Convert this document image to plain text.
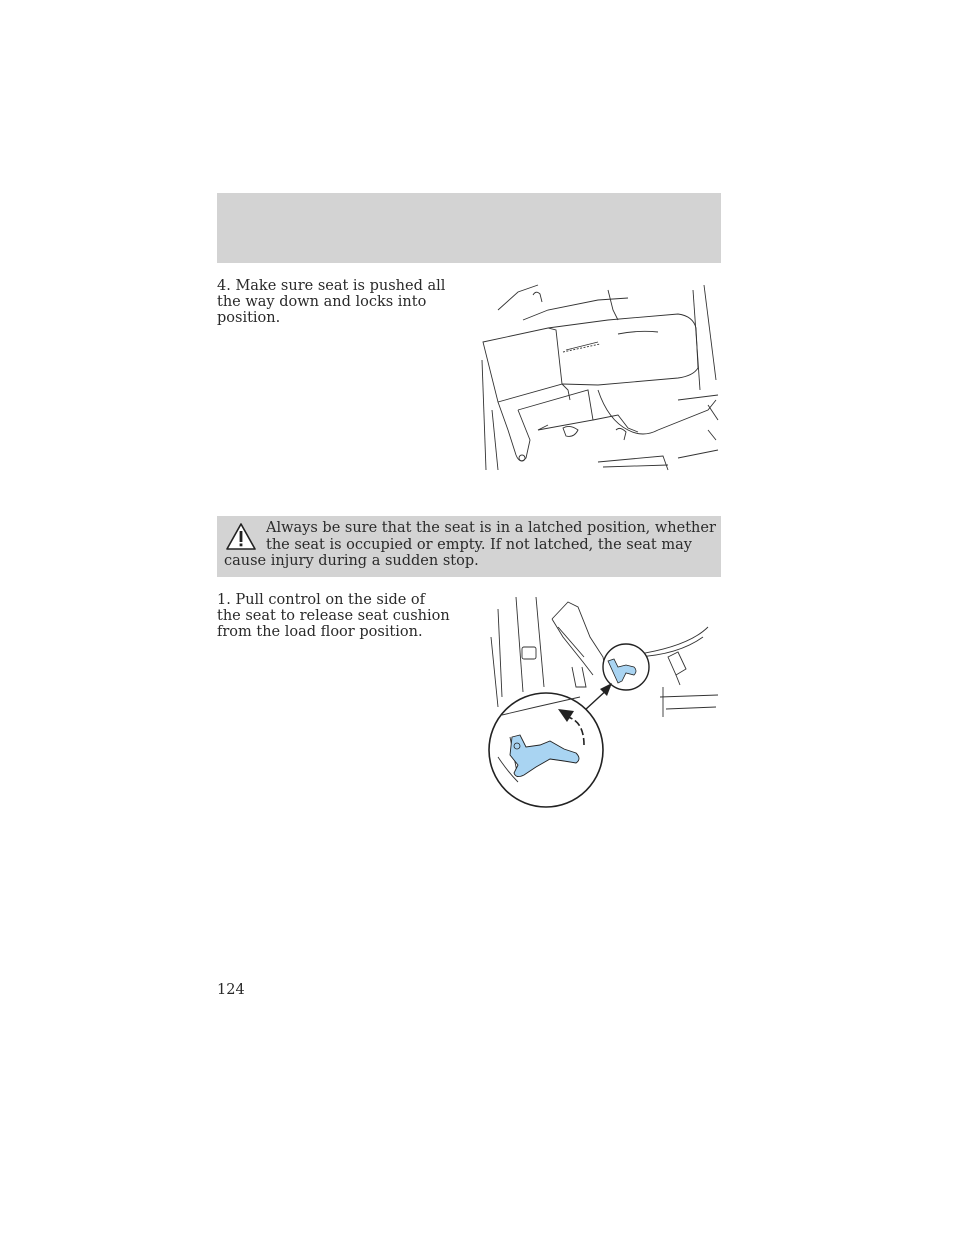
4. Make sure seat is pushed all the way down and locks into position.
Always be sure that the seat is in a latched position, whether the seat is occupied or empty. If not latched, the seat may cause injury during a sudden stop.
1. Pull control on the side of the seat to release seat cushion from the load floor position.
124
